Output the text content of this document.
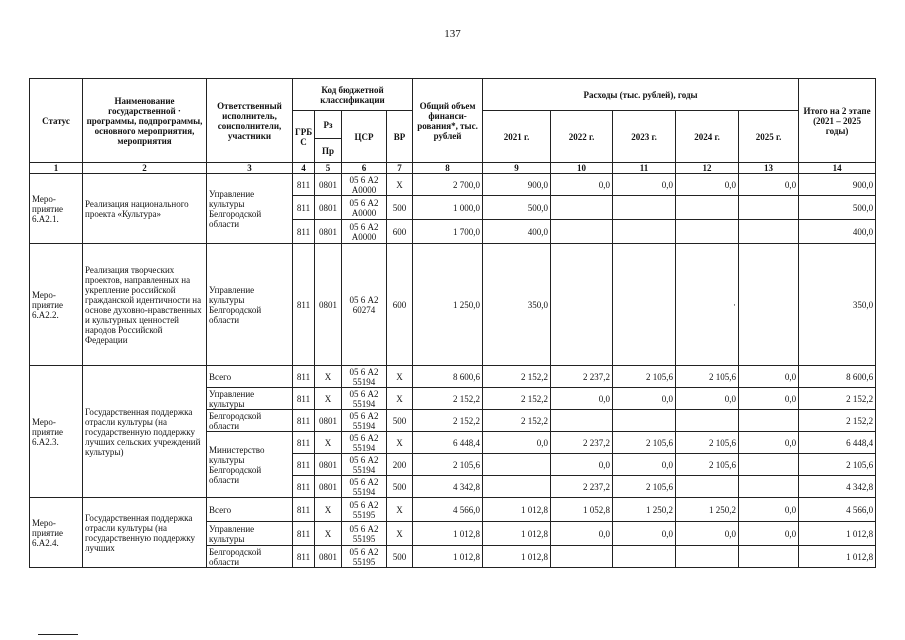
137
Статус	Наименование государственной · программы, подпрограммы, основного мероприятия, мероприятия	Ответственный исполнитель, соисполнители, участники	Код бюджетной классификации				Общий объем финанси-рования*, тыс. рублей	Расходы (тыс. рублей), годы					Итого на 2 этапе (2021 – 2025 годы)
			ГРБ С	Рз	ЦСР	ВР		2021 г.	2022 г.	2023 г.	2024 г.	2025 г.	
				Пр									
1	2	3	4	5	6	7	8	9	10	11	12	13	14
Меро-приятие 6.А2.1.	Реализация национального проекта «Культура»	Управление культуры Белгородской области	811	0801	05 6 А2 А0000	Х	2 700,0	900,0	0,0	0,0	0,0	0,0	900,0
			811	0801	05 6 А2 А0000	500	1 000,0	500,0					500,0
			811	0801	05 6 А2 А0000	600	1 700,0	400,0					400,0
Меро-приятие 6.А2.2.	Реализация творческих проектов, направленных на укрепление российской гражданской идентичности на основе духовно-нравственных и культурных ценностей народов Российской Федерации	Управление культуры Белгородской области	811	0801	05 6 А2 60274	600	1 250,0	350,0			·		350,0
Меро-приятие 6.А2.3.	Государственная поддержка отрасли культуры (на государственную поддержку лучших сельских учреждений культуры)	Всего	811	Х	05 6 А2 55194	Х	8 600,6	2 152,2	2 237,2	2 105,6	2 105,6	0,0	8 600,6
		Управление культуры	811	Х	05 6 А2 55194	Х	2 152,2	2 152,2	0,0	0,0	0,0	0,0	2 152,2
		Белгородской области	811	0801	05 6 А2 55194	500	2 152,2	2 152,2					2 152,2
		Министерство культуры Белгородской области	811	Х	05 6 А2 55194	Х	6 448,4	0,0	2 237,2	2 105,6	2 105,6	0,0	6 448,4
			811	0801	05 6 А2 55194	200	2 105,6		0,0	0,0	2 105,6		2 105,6
			811	0801	05 6 А2 55194	500	4 342,8		2 237,2	2 105,6			4 342,8
Меро-приятие 6.А2.4.	Государственная поддержка отрасли культуры (на государственную поддержку лучших	Всего	811	Х	05 6 А2 55195	Х	4 566,0	1 012,8	1 052,8	1 250,2	1 250,2	0,0	4 566,0
		Управление культуры	811	Х	05 6 А2 55195	Х	1 012,8	1 012,8	0,0	0,0	0,0	0,0	1 012,8
		Белгородской области	811	0801	05 6 А2 55195	500	1 012,8	1 012,8					1 012,8
